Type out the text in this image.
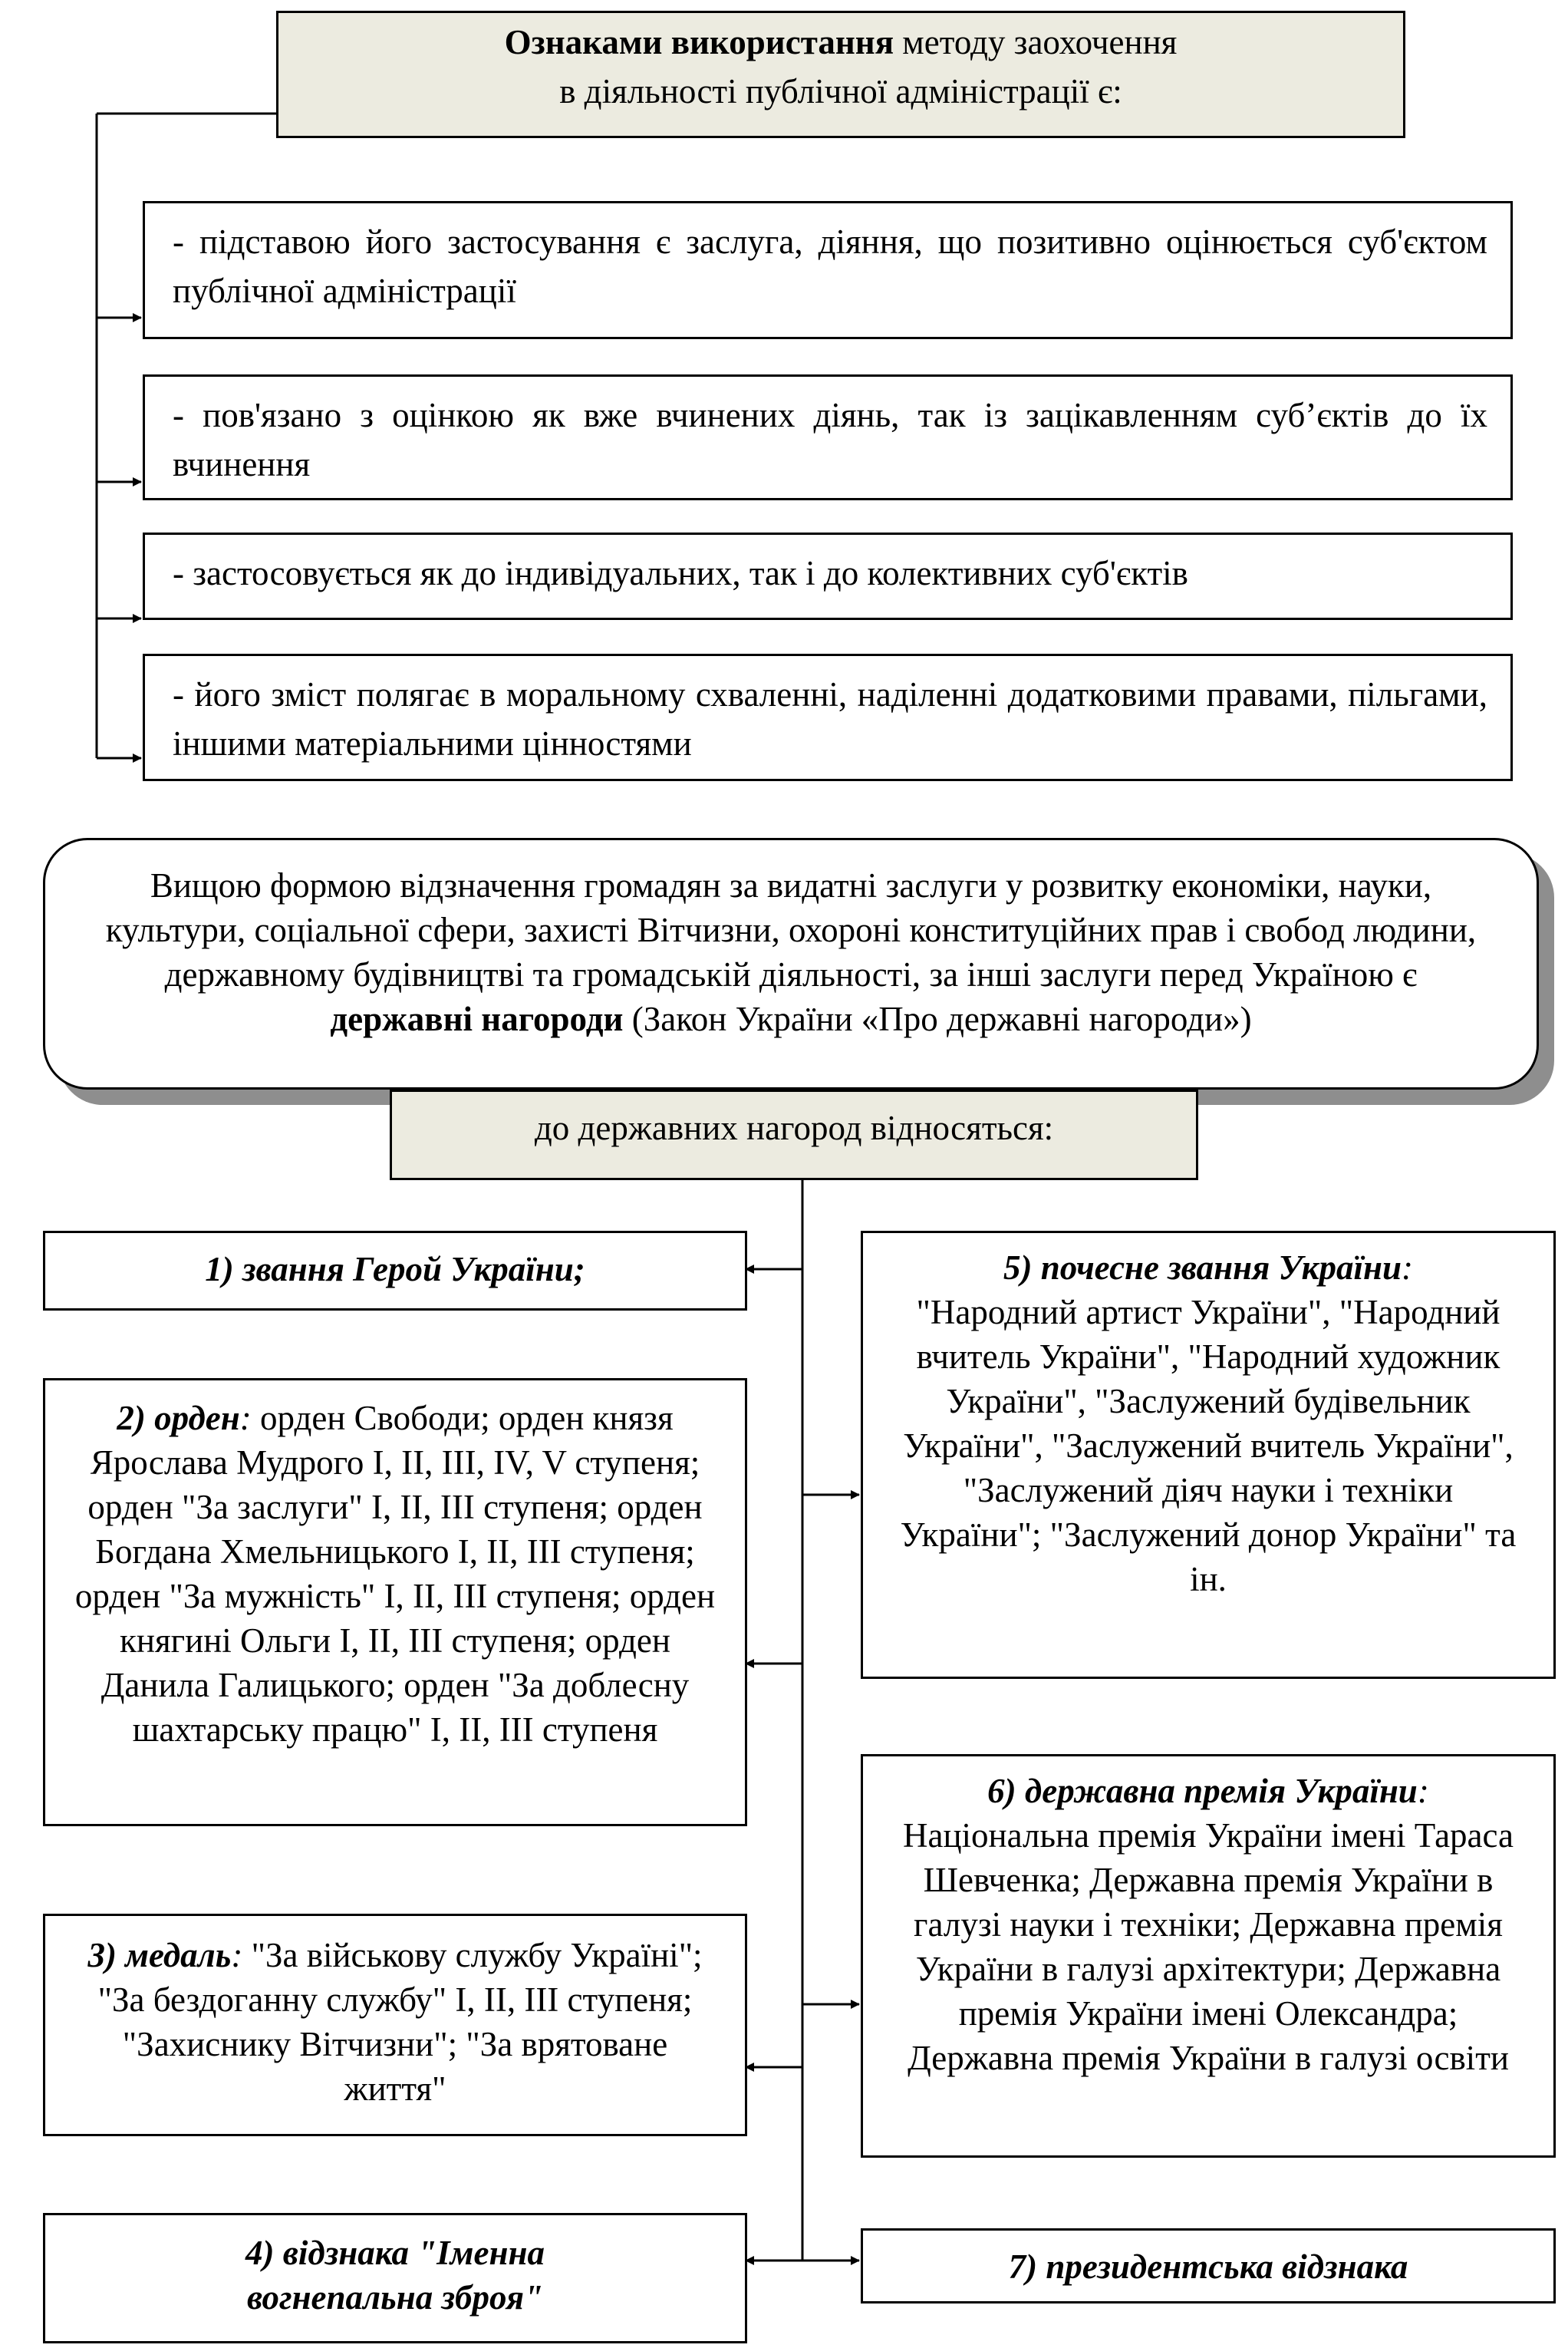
Ознаками використання методу заохочення
в діяльності публічної адміністрації є:
- підставою його застосування є заслуга, діяння, що позитивно оцінюється суб'єктом публічної адміністрації
- пов'язано з оцінкою як вже вчинених діянь, так із зацікавленням суб’єктів до їх вчинення
- застосовується як до індивідуальних, так і до колективних суб'єктів
- його зміст полягає в моральному схваленні, наділенні додатковими правами, пільгами, іншими матеріальними цінностями
Вищою формою відзначення громадян за видатні заслуги у розвитку економіки, науки, культури, соціальної сфери, захисті Вітчизни, охороні конституційних прав і свобод людини, державному будівництві та громадській діяльності, за інші заслуги перед Україною є державні нагороди (Закон України «Про державні нагороди»)
до державних нагород відносяться:
1) звання Герой України;
2) орден: орден Свободи; орден князя Ярослава Мудрого I, II, III, IV, V ступеня; орден "За заслуги" I, II, III ступеня; орден Богдана Хмельницького I, II, III ступеня; орден "За мужність" I, II, III ступеня; орден княгині Ольги I, II, III ступеня; орден Данила Галицького; орден "За доблесну шахтарську працю" I, II, III ступеня
3) медаль: "За військову службу Україні"; "За бездоганну службу" I, II, III ступеня; "Захиснику Вітчизни"; "За врятоване життя"
4) відзнака "Іменна вогнепальна зброя"
5) почесне звання України:
"Народний артист України", "Народний вчитель України", "Народний художник України", "Заслужений будівельник України", "Заслужений вчитель України", "Заслужений діяч науки і техніки України"; "Заслужений донор України" та ін.
6) державна премія України:
Національна премія України імені Тараса Шевченка; Державна премія України в галузі науки і техніки; Державна премія України в галузі архітектури; Державна премія України імені Олександра; Державна премія України в галузі освіти
7) президентська відзнака
